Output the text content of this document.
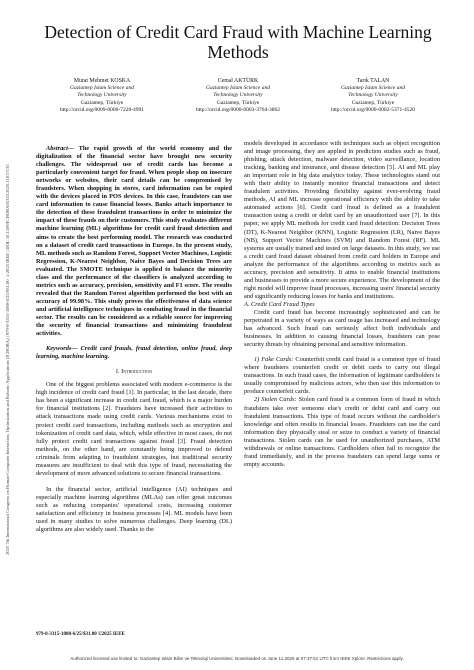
2025 7th International Congress on Human-Computer Interaction, Optimization and Robotic Applications (ICHORA) | 979-8-3315-1088-6/25/$31.00 ©2025 IEEE | DOI: 10.1109/ICHORA65333.2025.11017135
Detection of Credit Card Fraud with Machine Learning Methods
Murat Mehmet KOSKA
Gaziantep Islam Science and
Technology University
Gaziantep, Türkiye
http://orcid.org/0009-0000-7220-4991
Cemal AKTÜRK
Gaziantep Islam Science and
Technology University
Gaziantep, Türkiye
http://orcid.org/0000-0003-3764-3862
Tarık TALAN
Gaziantep Islam Science and
Technology University
Gaziantep, Türkiye
http://orcid.org/0000-0002-5371-4520

Abstract— The rapid growth of the world economy and the digitalization of the financial sector have brought new security challenges. The widespread use of credit cards has become a particularly convenient target for fraud. When people shop on insecure networks or websites, their card details can be compromised by fraudsters. When shopping in stores, card information can be copied with the devices placed in POS devices. In this case, fraudsters can use card information to cause financial losses. Banks attach importance to the detection of these fraudulent transactions in order to minimize the impact of these frauds on their customers. This study evaluates different machine learning (ML) algorithms for credit card fraud detection and aims to create the best performing model. The research was conducted on a dataset of credit card transactions in Europe. In the present study, ML methods such as Random Forest, Support Vector Machines, Logistic Regression, K-Nearest Neighbor, Naive Bayes and Decision Trees are evaluated. The SMOTE technique is applied to balance the minority class and the performance of the classifiers is analyzed according to metrics such as accuracy, precision, sensitivity and F1 score. The results revealed that the Random Forest algorithm performed the best with an accuracy of 99.98%. This study proves the effectiveness of data science and artificial intelligence techniques in combating fraud in the financial sector. The results can be considered as a reliable source for improving the security of financial transactions and minimizing fraudulent activities.

Keywords— Credit card frauds, fraud detection, online fraud, deep learning, machine learning.

I. Introduction

One of the biggest problems associated with modern e-commerce is the high incidence of credit card fraud [1]. In particular, in the last decade, there has been a significant increase in credit card fraud, which is a major burden for financial institutions [2]. Fraudsters have increased their activities to attack transactions made using credit cards. Various mechanisms exist to protect credit card transactions, including methods such as encryption and tokenization of credit card data, which, while effective in most cases, do not fully protect credit card transactions against fraud [3]. Fraud detection methods, on the other hand, are constantly being improved to defend criminals from adapting to fraudulent strategies, but traditional security measures are insufficient to deal with this type of fraud, necessitating the development of more advanced solutions to secure financial transactions.

In the financial sector, artificial intelligence (AI) techniques and especially machine learning algorithms (MLAs) can offer great outcomes such as reducing companies' operational costs, increasing customer satisfaction and efficiency in business processes [4]. ML models have been used in many studies to solve numerous challenges. Deep learning (DL) algorithms are also widely used. Thanks to the

models developed in accordance with techniques such as object recognition and image processing, they are applied in prediction studies such as fraud, phishing, attack detection, malware detection, video surveillance, location tracking, banking and insurance, and disease detection [5]. AI and ML play an important role in big data analytics today. These technologies stand out with their ability to instantly monitor financial transactions and detect fraudulent activities. Providing flexibility against ever-evolving fraud methods, AI and ML increase operational efficiency with the ability to take automated actions [6]. Credit card fraud is defined as a fraudulent transaction using a credit or debit card by an unauthorized user [7]. In this paper, we apply ML methods for credit card fraud detection: Decision Trees (DT), K-Nearest Neighbor (KNN), Logistic Regression (LR), Naive Bayes (NB), Support Vector Machines (SVM) and Random Forest (RF). ML systems are usually trained and tested on large datasets. In this study, we use a credit card fraud dataset obtained from credit card holders in Europe and analyze the performance of the algorithms according to metrics such as accuracy, precision and sensitivity. It aims to enable financial institutions and businesses to provide a more secure experience. The development of the right model will improve fraud processes, increasing users' financial security and significantly reducing losses for banks and institutions.

A. Credit Card Fraud Types

Credit card fraud has become increasingly sophisticated and can be perpetrated in a variety of ways as card usage has increased and technology has advanced. Such fraud can seriously affect both individuals and businesses. In addition to causing financial losses, fraudsters can pose security threats by obtaining personal and sensitive information.

1) Fake Cards: Counterfeit credit card fraud is a common type of fraud where fraudsters counterfeit credit or debit cards to carry out illegal transactions. In such fraud cases, the information of legitimate cardholders is usually compromised by malicious actors, who then use this information to produce counterfeit cards.

2) Stolen Cards: Stolen card fraud is a common form of fraud in which fraudsters take over someone else's credit or debit card and carry out fraudulent transactions. This type of fraud occurs without the cardholder's knowledge and often results in financial losses. Fraudsters can use the card information they physically steal or seize to conduct a variety of financial transactions. Stolen cards can be used for unauthorized purchases, ATM withdrawals or online transactions. Cardholders often fail to recognize the fraud immediately, and in the process fraudsters can spend large sums or empty accounts.

979-8-3315-1088-6/25/$31.00 ©2025 IEEE
Authorized licensed use limited to: Gaziantep Islam Bilim ve Teknoloji Universitesi. Downloaded on June 11,2025 at 07:37:51 UTC from IEEE Xplore. Restrictions apply.
